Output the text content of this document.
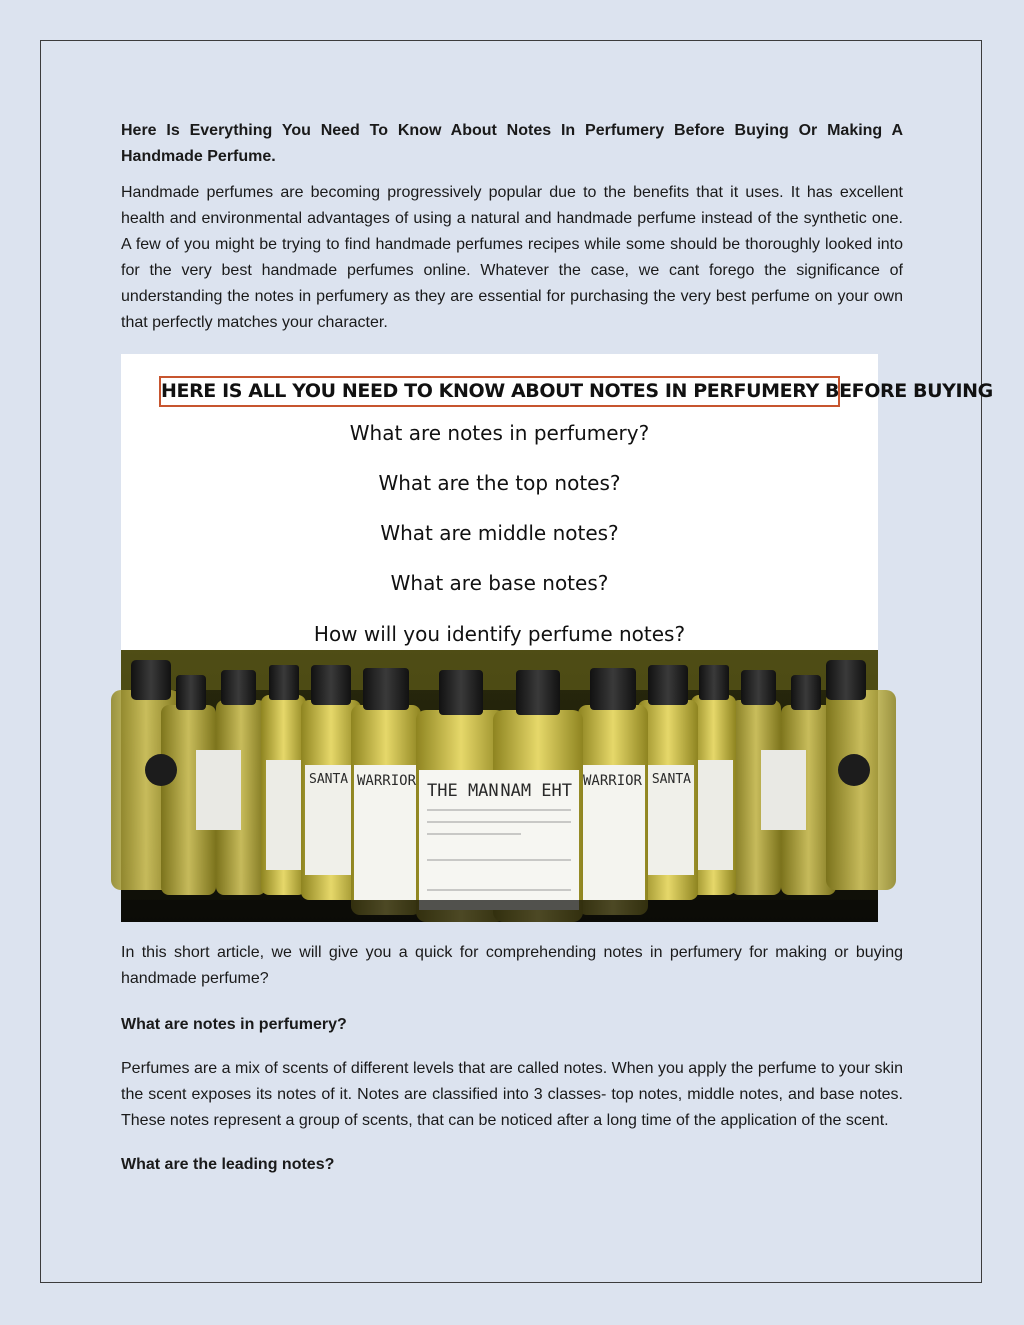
Here Is Everything You Need To Know About Notes In Perfumery Before Buying Or Making A Handmade Perfume.

Handmade perfumes are becoming progressively popular due to the benefits that it uses. It has excellent health and environmental advantages of using a natural and handmade perfume instead of the synthetic one. A few of you might be trying to find handmade perfumes recipes while some should be thoroughly looked into for the very best handmade perfumes online. Whatever the case, we cant forego the significance of understanding the notes in perfumery as they are essential for purchasing the very best perfume on your own that perfectly matches your character.

HERE IS ALL YOU NEED TO KNOW ABOUT NOTES IN PERFUMERY BEFORE BUYING
What are notes in perfumery?
What are the top notes?
What are middle notes?
What are base notes?
How will you identify perfume notes?
SANTA	SANTA
WARRIOR	WARRIOR
THE MAN NAM EHT

In this short article, we will give you a quick for comprehending notes in perfumery for making or buying handmade perfume?

What are notes in perfumery?

Perfumes are a mix of scents of different levels that are called notes. When you apply the perfume to your skin the scent exposes its notes of it. Notes are classified into 3 classes- top notes, middle notes, and base notes. These notes represent a group of scents, that can be noticed after a long time of the application of the scent.

What are the leading notes?
